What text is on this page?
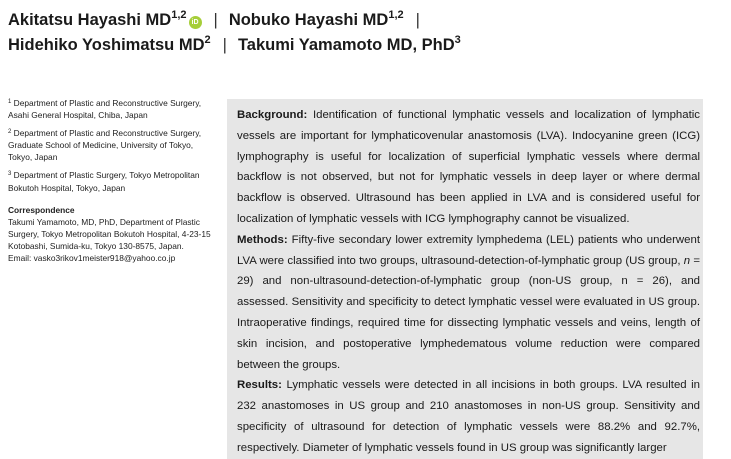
Akitatsu Hayashi MD$^{1,2}$iD | Nobuko Hayashi MD$^{1,2}$ |
Hidehiko Yoshimatsu $MD^2$ | Takumi Yamamoto MD, PhD$^3$
$^1$ Department of Plastic and Reconstructive Surgery, Asahi General Hospital, Chiba, Japan
$^2$ Department of Plastic and Reconstructive Surgery, Graduate School of Medicine, University of Tokyo, Tokyo, Japan
$^3$ Department of Plastic Surgery, Tokyo Metropolitan Bokutoh Hospital, Tokyo, Japan
Correspondence
Takumi Yamamoto, MD, PhD, Department of Plastic Surgery, Tokyo Metropolitan Bokutoh Hospital, 4-23-15 Kotobashi, Sumida-ku, Tokyo 130-8575, Japan.
Email: vasko3rikov1meister918@yahoo.co.jp

Background: Identification of functional lymphatic vessels and localization of lymphatic vessels are important for lymphaticovenular anastomosis (LVA). Indocyanine green (ICG) lymphography is useful for localization of superficial lymphatic vessels where dermal backflow is not observed, but not for lymphatic vessels in deep layer or where dermal backflow is observed. Ultrasound has been applied in LVA and is considered useful for localization of lymphatic vessels with ICG lymphography cannot be visualized.

Methods: Fifty-five secondary lower extremity lymphedema (LEL) patients who underwent LVA were classified into two groups, ultrasound-detection-of-lymphatic group (US group, n = 29) and non-ultrasound-detection-of-lymphatic group (non-US group, n = 26), and assessed. Sensitivity and specificity to detect lymphatic vessel were evaluated in US group. Intraoperative findings, required time for dissecting lymphatic vessels and veins, length of skin incision, and postoperative lymphedematous volume reduction were compared between the groups.

Results: Lymphatic vessels were detected in all incisions in both groups. LVA resulted in 232 anastomoses in US group and 210 anastomoses in non-US group. Sensitivity and specificity of ultrasound for detection of lymphatic vessels were 88.2% and 92.7%, respectively. Diameter of lymphatic vessels found in US group was significantly larger
